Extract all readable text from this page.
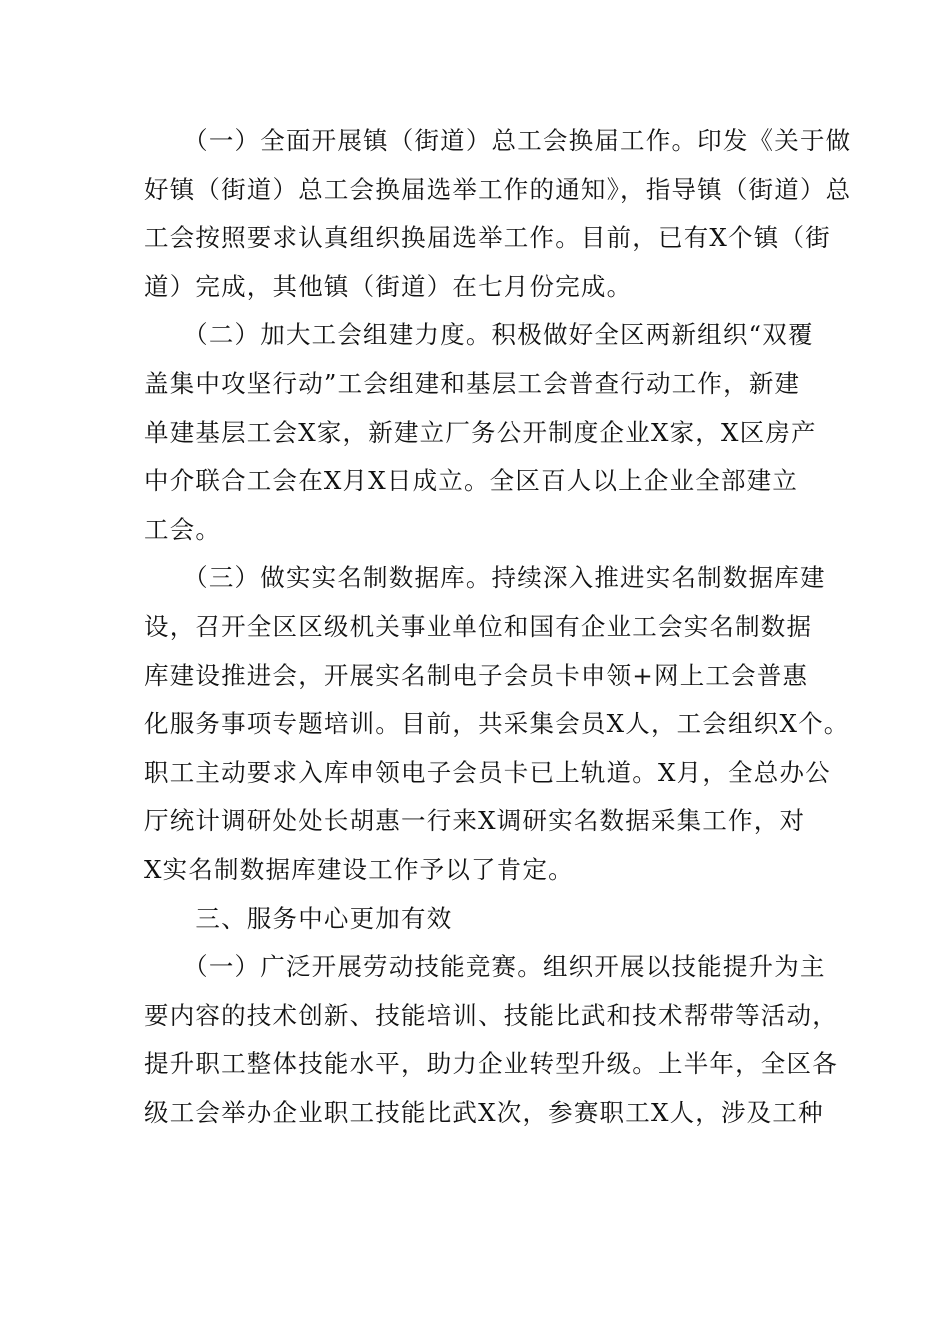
　　（一）全面开展镇（街道）总工会换届工作。印发《关于做
好镇（街道）总工会换届选举工作的通知》，指导镇（街道）总
工会按照要求认真组织换届选举工作。目前，已有X个镇（街
道）完成，其他镇（街道）在七月份完成。
　　（二）加大工会组建力度。积极做好全区两新组织“双覆
盖集中攻坚行动”工会组建和基层工会普查行动工作，新建
单建基层工会X家，新建立厂务公开制度企业X家，X区房产
中介联合工会在X月X日成立。全区百人以上企业全部建立
工会。
　　（三）做实实名制数据库。持续深入推进实名制数据库建
设，召开全区区级机关事业单位和国有企业工会实名制数据
库建设推进会，开展实名制电子会员卡申领+网上工会普惠
化服务事项专题培训。目前，共采集会员X人，工会组织X个。
职工主动要求入库申领电子会员卡已上轨道。X月，全总办公
厅统计调研处处长胡惠一行来X调研实名数据采集工作，对
X实名制数据库建设工作予以了肯定。
　　三、服务中心更加有效
　　（一）广泛开展劳动技能竞赛。组织开展以技能提升为主
要内容的技术创新、技能培训、技能比武和技术帮带等活动，
提升职工整体技能水平，助力企业转型升级。上半年，全区各
级工会举办企业职工技能比武X次，参赛职工X人，涉及工种
